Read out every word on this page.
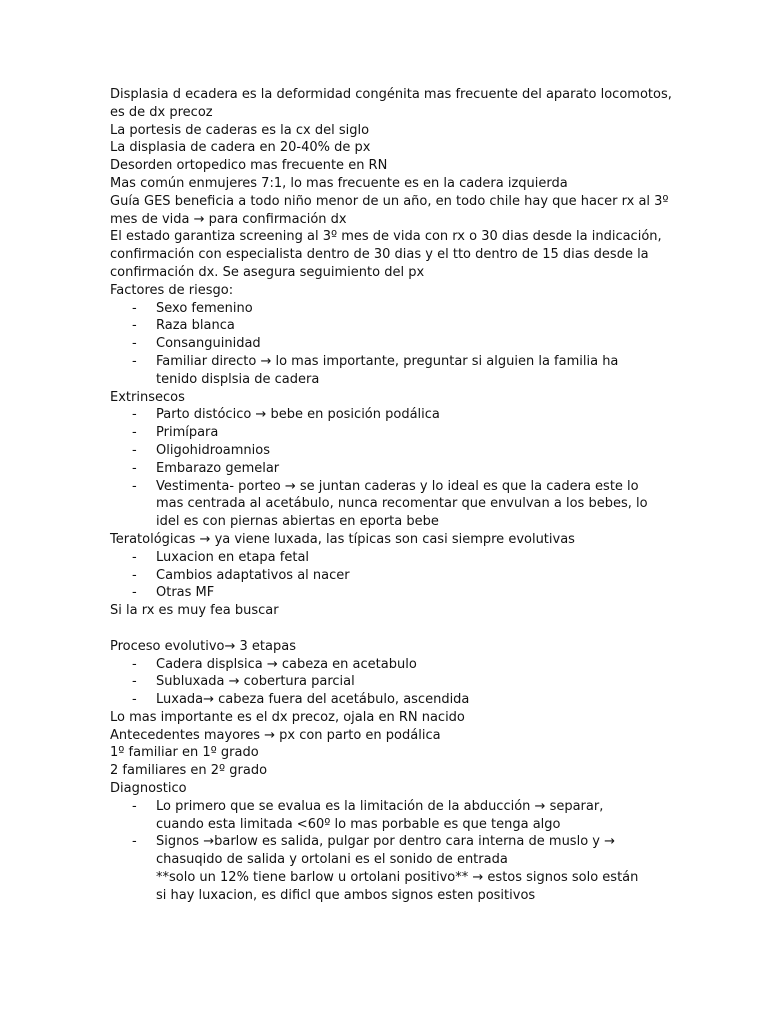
Displasia d ecadera es la deformidad congénita mas frecuente del aparato locomotos,
es de dx precoz
La portesis de caderas es la cx del siglo
La displasia de cadera en 20-40% de px
Desorden ortopedico mas frecuente en RN
Mas común enmujeres 7:1, lo mas frecuente es en la cadera izquierda
Guía GES beneficia a todo niño menor de un año, en todo chile hay que hacer rx al 3º
mes de vida → para confirmación dx
El estado garantiza screening al 3º mes de vida con rx o 30 dias desde la indicación,
confirmación con especialista dentro de 30 dias y el tto dentro de 15 dias desde la
confirmación dx. Se asegura seguimiento del px
Factores de riesgo:
- Sexo femenino
- Raza blanca
- Consanguinidad
- Familiar directo → lo mas importante, preguntar si alguien la familia ha tenido displsia de cadera
Extrinsecos
- Parto distócico → bebe en posición podálica
- Primípara
- Oligohidroamnios
- Embarazo gemelar
- Vestimenta- porteo → se juntan caderas y lo ideal es que la cadera este lo mas centrada al acetábulo, nunca recomentar que envulvan a los bebes, lo idel es con piernas abiertas en eporta bebe
Teratológicas → ya viene luxada, las típicas son casi siempre evolutivas
- Luxacion en etapa fetal
- Cambios adaptativos al nacer
- Otras MF
Si la rx es muy fea buscar
Proceso evolutivo→ 3 etapas
- Cadera displsica → cabeza en acetabulo
- Subluxada → cobertura parcial
- Luxada→ cabeza fuera del acetábulo, ascendida
Lo mas importante es el dx precoz, ojala en RN nacido
Antecedentes mayores → px con parto en podálica
1º familiar en 1º grado
2 familiares en 2º grado
Diagnostico
- Lo primero que se evalua es la limitación de la abducción → separar, cuando esta limitada <60º lo mas porbable es que tenga algo
- Signos →barlow es salida, pulgar por dentro cara interna de muslo y → chasuqido de salida y ortolani es el sonido de entrada
**solo un 12% tiene barlow u ortolani positivo** → estos signos solo están si hay luxacion, es dificl que ambos signos esten positivos
